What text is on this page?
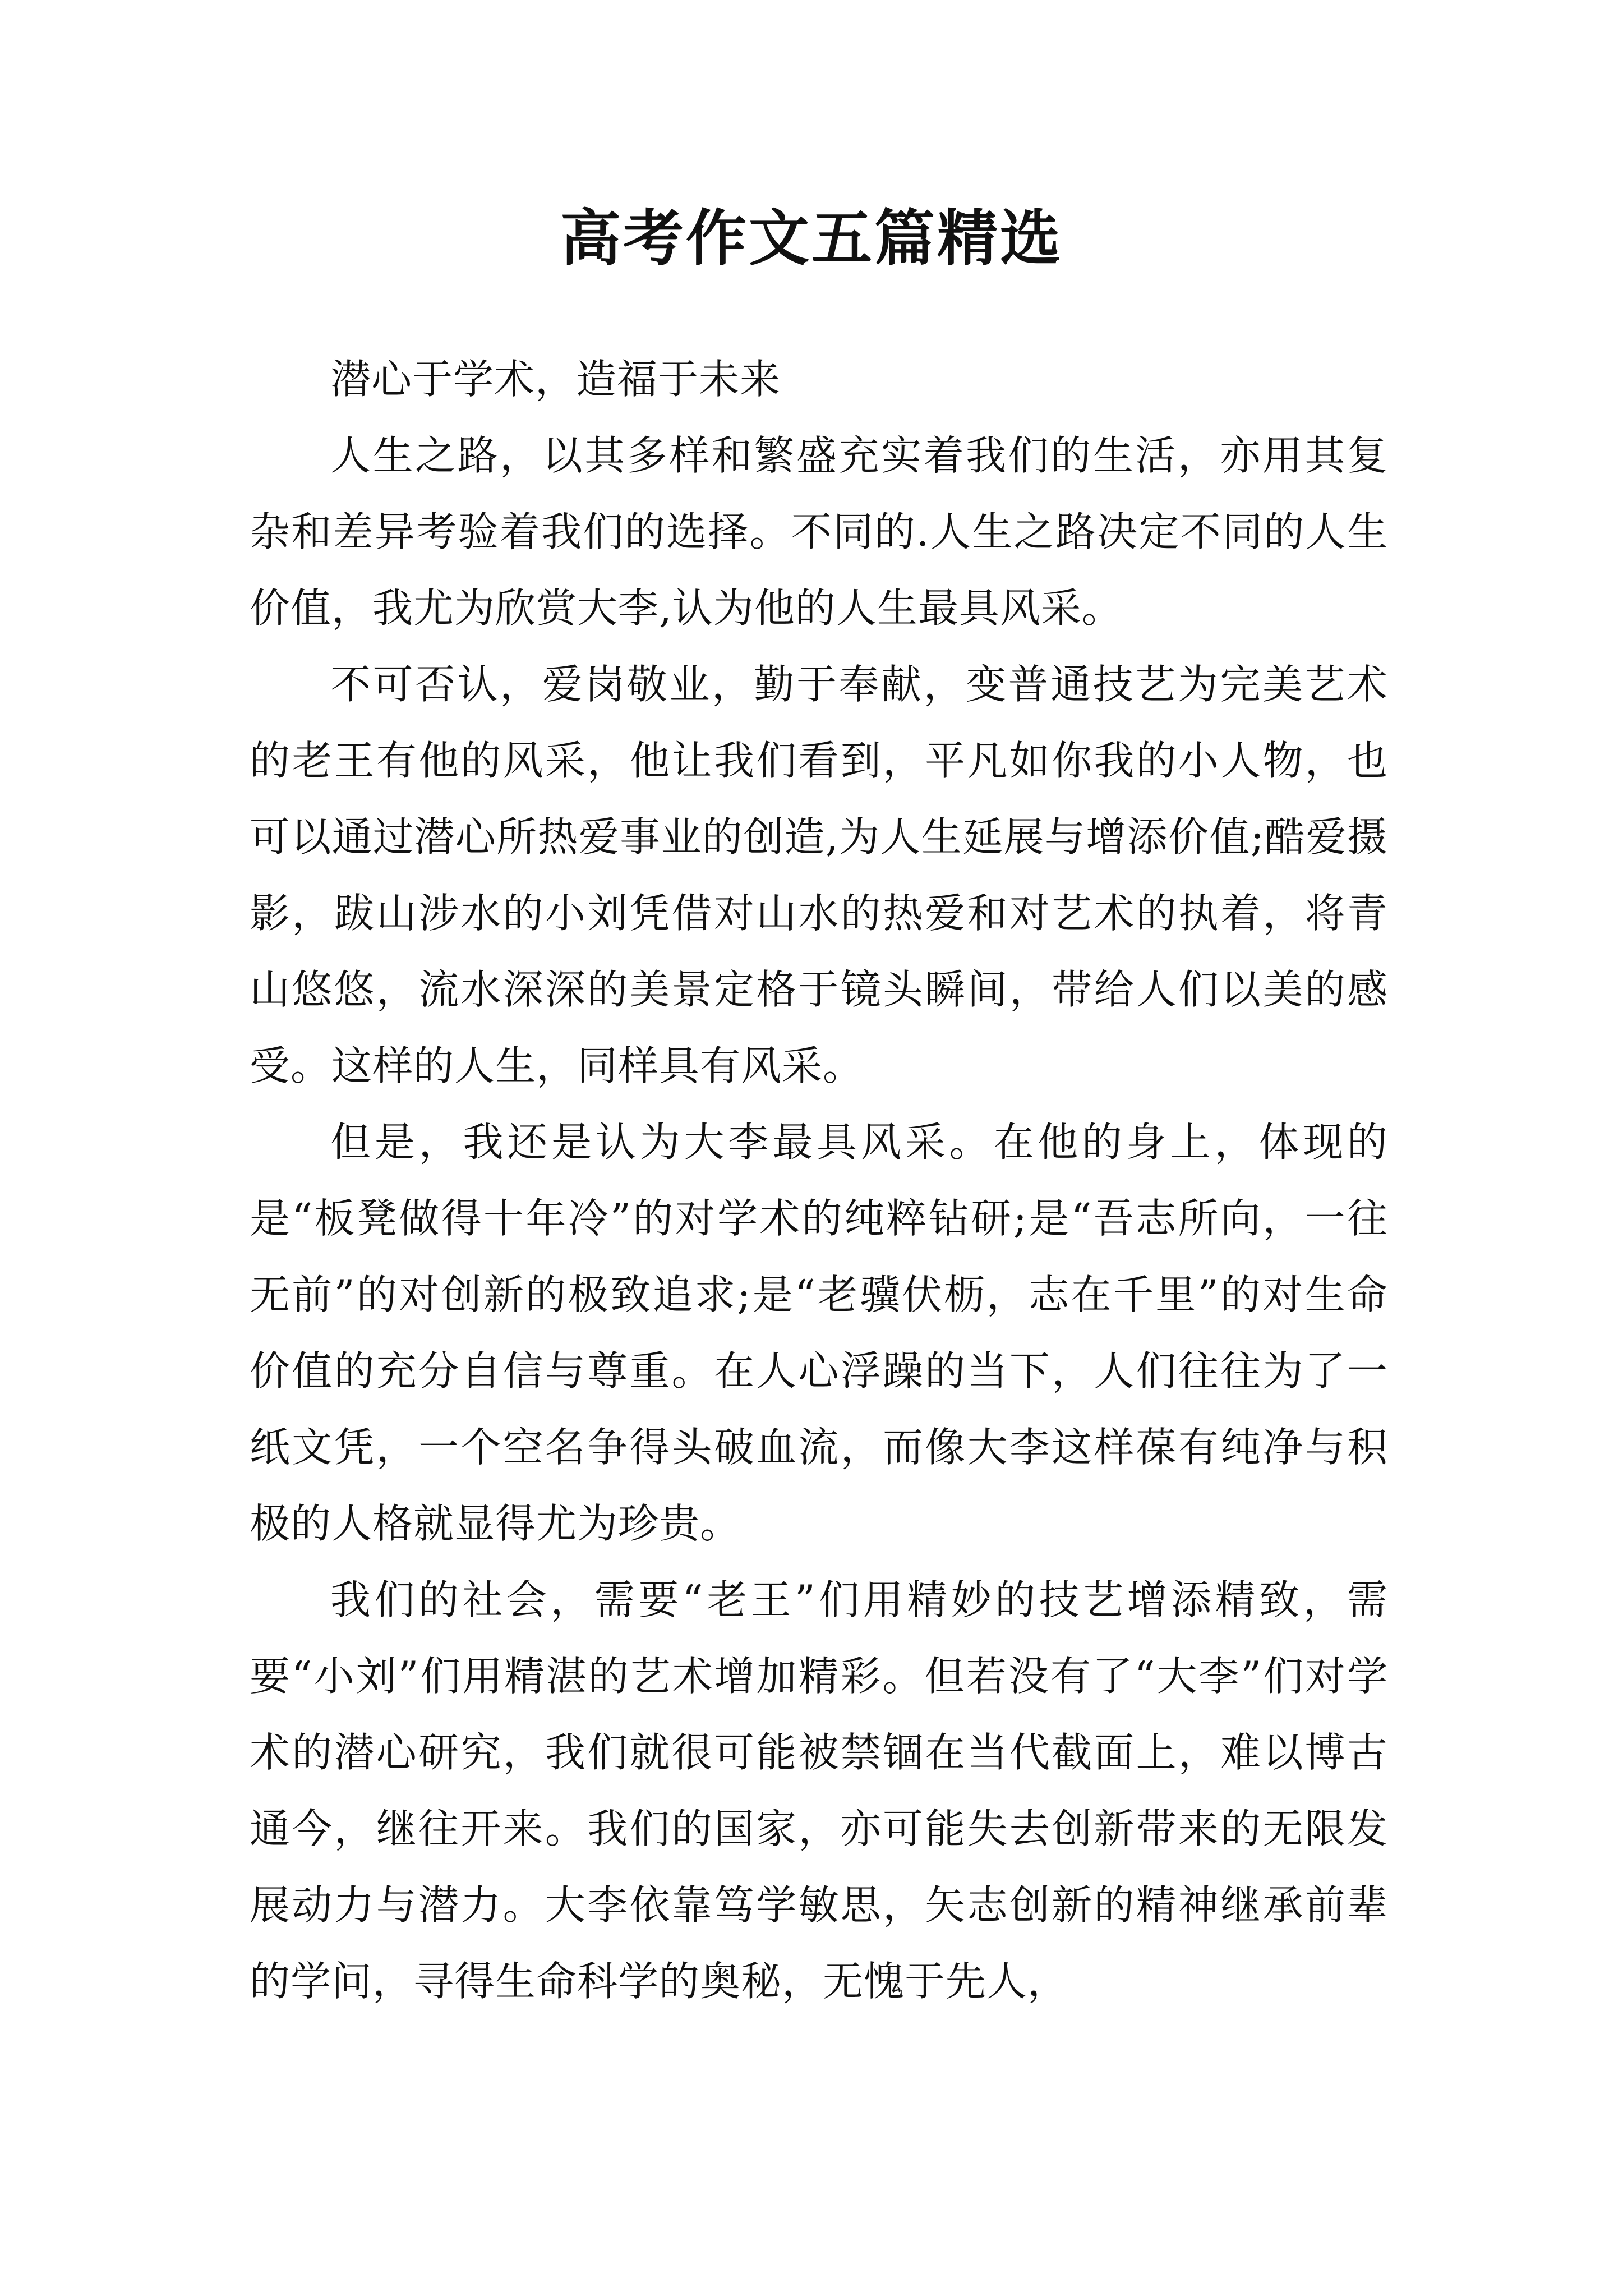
高考作文五篇精选

潜心于学术，造福于未来

人生之路，以其多样和繁盛充实着我们的生活，亦用其复杂和差异考验着我们的选择。不同的.人生之路决定不同的人生价值，我尤为欣赏大李,认为他的人生最具风采。

不可否认，爱岗敬业，勤于奉献，变普通技艺为完美艺术的老王有他的风采，他让我们看到，平凡如你我的小人物，也可以通过潜心所热爱事业的创造,为人生延展与增添价值;酷爱摄影，跋山涉水的小刘凭借对山水的热爱和对艺术的执着，将青山悠悠，流水深深的美景定格于镜头瞬间，带给人们以美的感受。这样的人生，同样具有风采。

但是，我还是认为大李最具风采。在他的身上，体现的是“板凳做得十年冷”的对学术的纯粹钻研;是“吾志所向，一往无前”的对创新的极致追求;是“老骥伏枥，志在千里”的对生命价值的充分自信与尊重。在人心浮躁的当下，人们往往为了一纸文凭，一个空名争得头破血流，而像大李这样葆有纯净与积极的人格就显得尤为珍贵。

我们的社会，需要“老王”们用精妙的技艺增添精致，需要“小刘”们用精湛的艺术增加精彩。但若没有了“大李”们对学术的潜心研究，我们就很可能被禁锢在当代截面上，难以博古通今，继往开来。我们的国家，亦可能失去创新带来的无限发展动力与潜力。大李依靠笃学敏思，矢志创新的精神继承前辈的学问，寻得生命科学的奥秘，无愧于先人，
